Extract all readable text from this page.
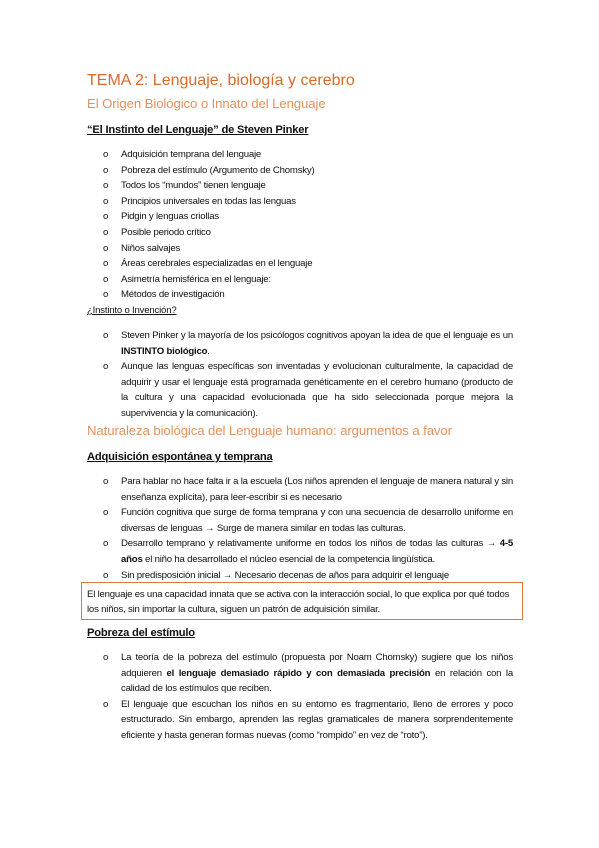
TEMA 2: Lenguaje, biología y cerebro
El Origen Biológico o Innato del Lenguaje
“El Instinto del Lenguaje” de Steven Pinker
o Adquisición temprana del lenguaje
o Pobreza del estímulo (Argumento de Chomsky)
o Todos los “mundos” tienen lenguaje
o Principios universales en todas las lenguas
o Pidgin y lenguas criollas
o Posible periodo crítico
o Niños salvajes
o Áreas cerebrales especializadas en el lenguaje
o Asimetría hemisférica en el lenguaje:
o Métodos de investigación
¿Instinto o Invención?
o Steven Pinker y la mayoría de los psicólogos cognitivos apoyan la idea de que el lenguaje es un INSTINTO biológico.
o Aunque las lenguas específicas son inventadas y evolucionan culturalmente, la capacidad de adquirir y usar el lenguaje está programada genéticamente en el cerebro humano (producto de la cultura y una capacidad evolucionada que ha sido seleccionada porque mejora la supervivencia y la comunicación).
Naturaleza biológica del Lenguaje humano: argumentos a favor
Adquisición espontánea y temprana
o Para hablar no hace falta ir a la escuela (Los niños aprenden el lenguaje de manera natural y sin enseñanza explícita), para leer-escribir si es necesario
o Función cognitiva que surge de forma temprana y con una secuencia de desarrollo uniforme en diversas de lenguas → Surge de manera similar en todas las culturas.
o Desarrollo temprano y relativamente uniforme en todos los niños de todas las culturas → 4-5 años el niño ha desarrollado el núcleo esencial de la competencia lingüística.
o Sin predisposición inicial → Necesario decenas de años para adquirir el lenguaje
El lenguaje es una capacidad innata que se activa con la interacción social, lo que explica por qué todos los niños, sin importar la cultura, siguen un patrón de adquisición similar.
Pobreza del estímulo
o La teoría de la pobreza del estímulo (propuesta por Noam Chomsky) sugiere que los niños adquieren el lenguaje demasiado rápido y con demasiada precisión en relación con la calidad de los estímulos que reciben.
o El lenguaje que escuchan los niños en su entorno es fragmentario, lleno de errores y poco estructurado. Sin embargo, aprenden las reglas gramaticales de manera sorprendentemente eficiente y hasta generan formas nuevas (como “rompido” en vez de “roto”).
